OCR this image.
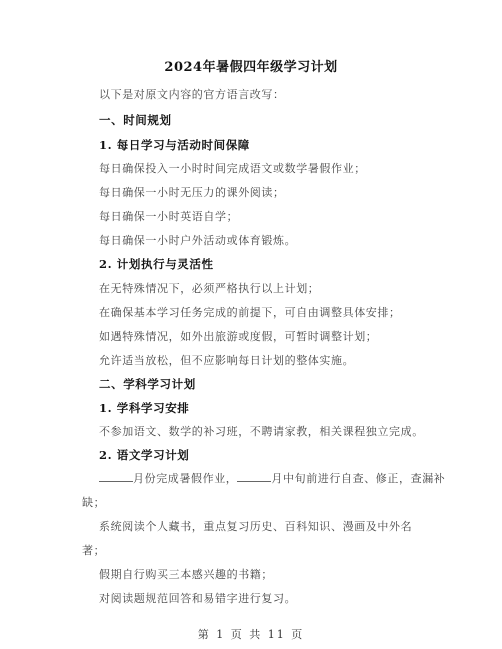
2024年暑假四年级学习计划
以下是对原文内容的官方语言改写：
一、时间规划
1. 每日学习与活动时间保障
每日确保投入一小时时间完成语文或数学暑假作业；
每日确保一小时无压力的课外阅读；
每日确保一小时英语自学；
每日确保一小时户外活动或体育锻炼。
2. 计划执行与灵活性
在无特殊情况下，必须严格执行以上计划；
在确保基本学习任务完成的前提下，可自由调整具体安排；
如遇特殊情况，如外出旅游或度假，可暂时调整计划；
允许适当放松，但不应影响每日计划的整体实施。
二、学科学习计划
1. 学科学习安排
不参加语文、数学的补习班，不聘请家教，相关课程独立完成。
2. 语文学习计划
月份完成暑假作业，	月中旬前进行自查、修正，查漏补
缺；
系统阅读个人藏书，重点复习历史、百科知识、漫画及中外名
著；
假期自行购买三本感兴趣的书籍；
对阅读题规范回答和易错字进行复习。
第 1 页 共 11 页
